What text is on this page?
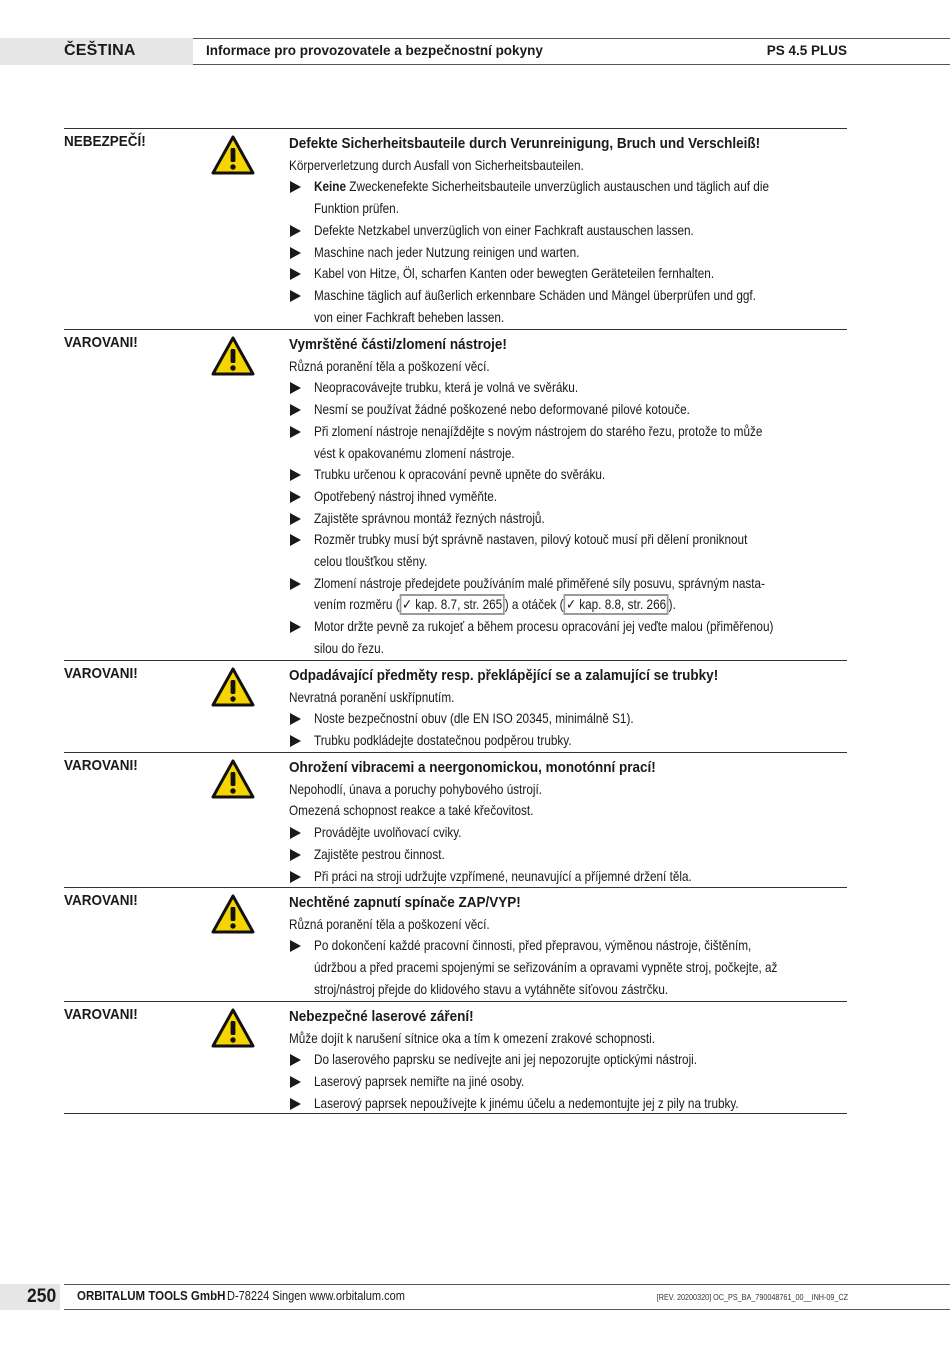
ČEŠTINA	Informace pro provozovatele a bezpečnostní pokyny	PS 4.5 PLUS
NEBEZPEČÍ!	Defekte Sicherheitsbauteile durch Verunreinigung, Bruch und Verschleiß!
Körperverletzung durch Ausfall von Sicherheitsbauteilen.
Keine Zweckenefekte Sicherheitsbauteile unverzüglich austauschen und täglich auf die
Funktion prüfen.
Defekte Netzkabel unverzüglich von einer Fachkraft austauschen lassen.
Maschine nach jeder Nutzung reinigen und warten.
Kabel von Hitze, Öl, scharfen Kanten oder bewegten Geräteteilen fernhalten.
Maschine täglich auf äußerlich erkennbare Schäden und Mängel überprüfen und ggf.
von einer Fachkraft beheben lassen.
VAROVANI!	Vymrštěné části/zlomení nástroje!
Různá poranění těla a poškození věcí.
Neopracovávejte trubku, která je volná ve svěráku.
Nesmí se používat žádné poškozené nebo deformované pilové kotouče.
Při zlomení nástroje nenajíždějte s novým nástrojem do starého řezu, protože to může
vést k opakovanému zlomení nástroje.
Trubku určenou k opracování pevně upněte do svěráku.
Opotřebený nástroj ihned vyměňte.
Zajistěte správnou montáž řezných nástrojů.
Rozměr trubky musí být správně nastaven, pilový kotouč musí při dělení proniknout
celou tloušťkou stěny.
Zlomení nástroje předejdete používáním malé přiměřené síly posuvu, správným nasta-
vením rozměru ( ✓ kap. 8.7, str. 265 ) a otáček ( ✓ kap. 8.8, str. 266 ).
Motor držte pevně za rukojeť a během procesu opracování jej veďte malou (přiměřenou)
silou do řezu.
VAROVANI!	Odpadávající předměty resp. překlápějící se a zalamující se trubky!
Nevratná poranění uskřípnutím.
Noste bezpečnostní obuv (dle EN ISO 20345, minimálně S1).
Trubku podkládejte dostatečnou podpěrou trubky.
VAROVANI!	Ohrožení vibracemi a neergonomickou, monotónní prací!
Nepohodlí, únava a poruchy pohybového ústrojí.
Omezená schopnost reakce a také křečovitost.
Provádějte uvolňovací cviky.
Zajistěte pestrou činnost.
Při práci na stroji udržujte vzpřímené, neunavující a příjemné držení těla.
VAROVANI!	Nechtěné zapnutí spínače ZAP/VYP!
Různá poranění těla a poškození věcí.
Po dokončení každé pracovní činnosti, před přepravou, výměnou nástroje, čištěním,
údržbou a před pracemi spojenými se seřizováním a opravami vypněte stroj, počkejte, až
stroj/nástroj přejde do klidového stavu a vytáhněte síťovou zástrčku.
VAROVANI!	Nebezpečné laserové záření!
Může dojít k narušení sítnice oka a tím k omezení zrakové schopnosti.
Do laserového paprsku se nedívejte ani jej nepozorujte optickými nástroji.
Laserový paprsek nemiřte na jiné osoby.
Laserový paprsek nepoužívejte k jinému účelu a nedemontujte jej z pily na trubky.
250 ORBITALUM TOOLS GmbH D-78224 Singen www.orbitalum.com	[REV. 20200320] OC_PS_BA_790048761_00__INH-09_CZ
